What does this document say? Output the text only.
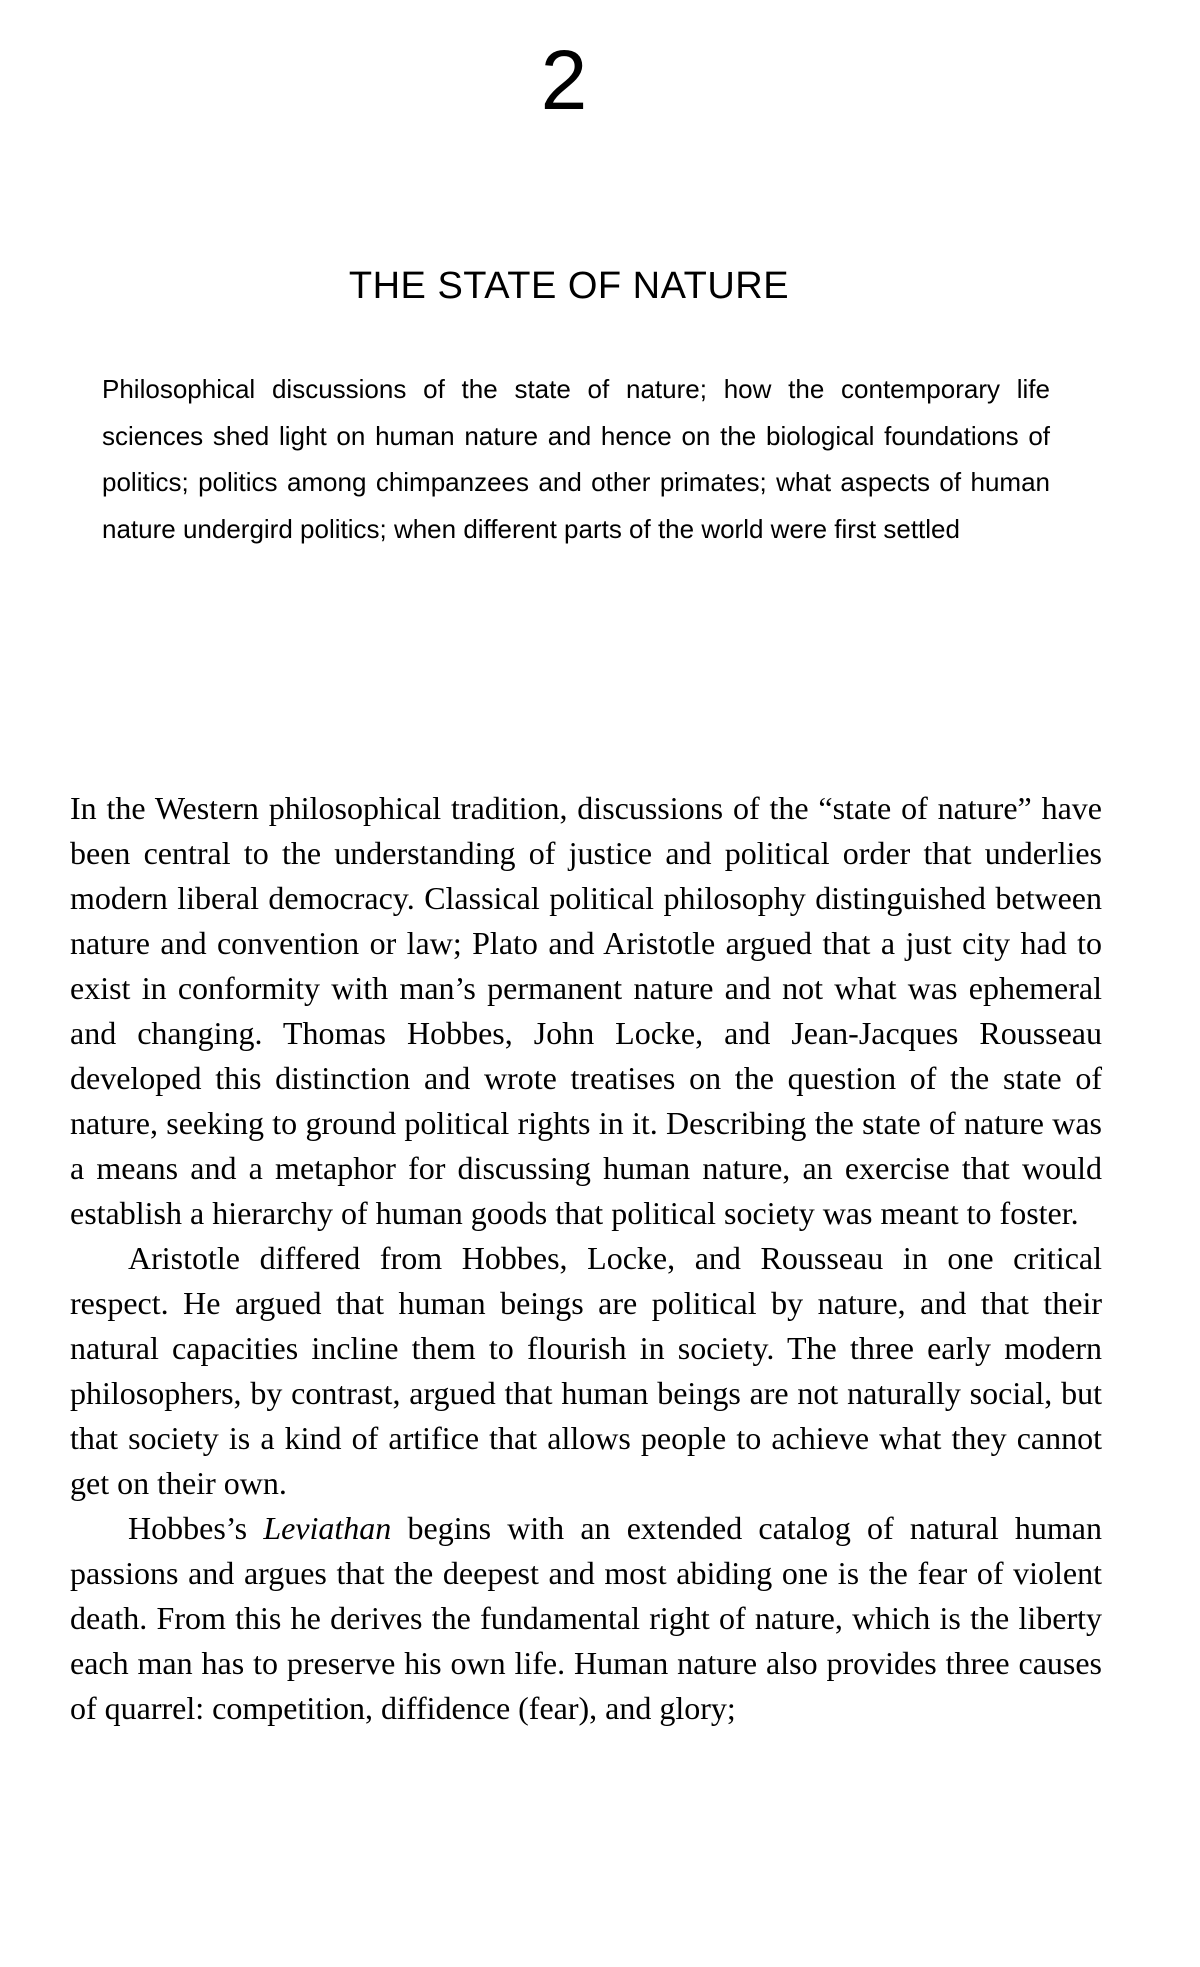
2
THE STATE OF NATURE

Philosophical discussions of the state of nature; how the contemporary life sciences shed light on human nature and hence on the biological foundations of politics; politics among chimpanzees and other primates; what aspects of human nature undergird politics; when different parts of the world were first settled

In the Western philosophical tradition, discussions of the “state of nature” have been central to the understanding of justice and political order that underlies modern liberal democracy. Classical political philosophy distinguished between nature and convention or law; Plato and Aristotle argued that a just city had to exist in conformity with man’s permanent nature and not what was ephemeral and changing. Thomas Hobbes, John Locke, and Jean-Jacques Rousseau developed this distinction and wrote treatises on the question of the state of nature, seeking to ground political rights in it. Describing the state of nature was a means and a metaphor for discussing human nature, an exercise that would establish a hierarchy of human goods that political society was meant to foster.

Aristotle differed from Hobbes, Locke, and Rousseau in one critical respect. He argued that human beings are political by nature, and that their natural capacities incline them to flourish in society. The three early modern philosophers, by contrast, argued that human beings are not naturally social, but that society is a kind of artifice that allows people to achieve what they cannot get on their own.

Hobbes’s Leviathan begins with an extended catalog of natural human passions and argues that the deepest and most abiding one is the fear of violent death. From this he derives the fundamental right of nature, which is the liberty each man has to preserve his own life. Human nature also provides three causes of quarrel: competition, diffidence (fear), and glory;
